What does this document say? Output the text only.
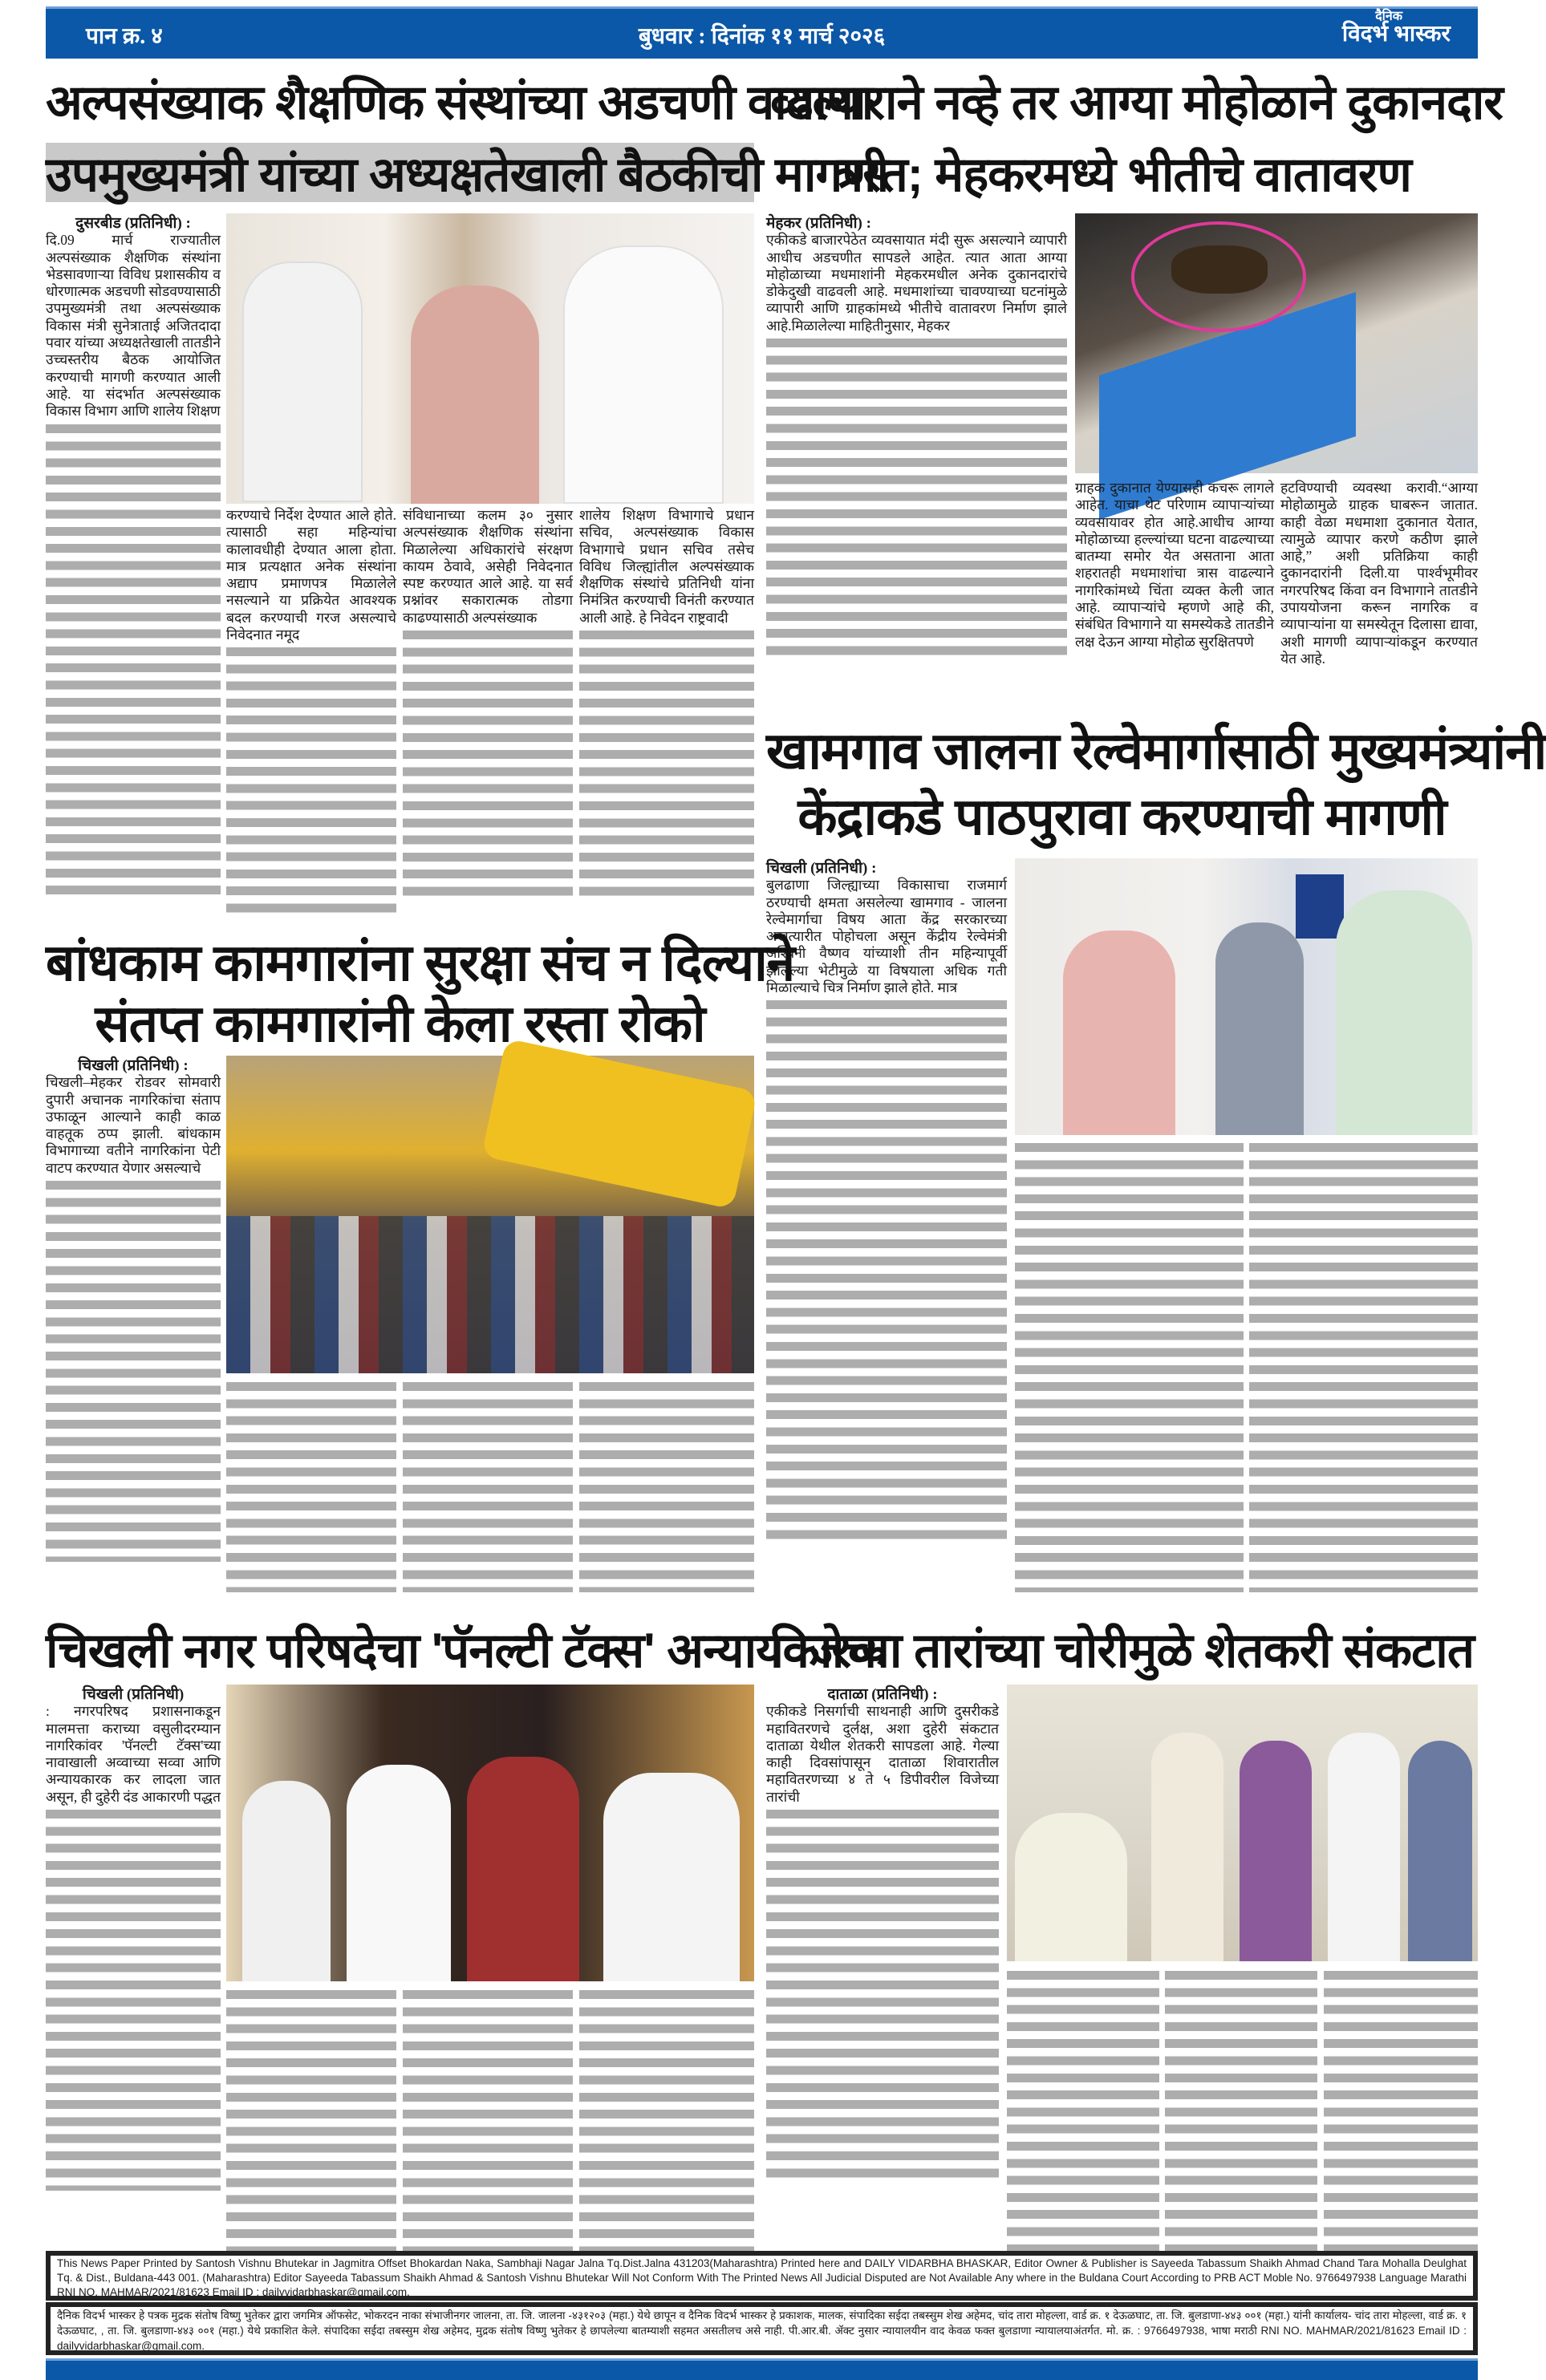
पान क्र. ४	बुधवार : दिनांक ११ मार्च २०२६
दैनिक
विदर्भ भास्कर
अल्पसंख्याक शैक्षणिक संस्थांच्या अडचणी वाढल्या
उपमुख्यमंत्री यांच्या अध्यक्षतेखाली बैठकीची मागणी
दुसरबीड (प्रतिनिधी) :
दि.09 मार्च राज्यातील अल्पसंख्याक शैक्षणिक संस्थांना भेडसावणाऱ्या विविध प्रशासकीय व धोरणात्मक अडचणी सोडवण्यासाठी उपमुख्यमंत्री तथा अल्पसंख्याक विकास मंत्री सुनेत्राताई अजितदादा पवार यांच्या अध्यक्षतेखाली तातडीने उच्चस्तरीय बैठक आयोजित करण्याची मागणी करण्यात आली आहे. या संदर्भात अल्पसंख्याक विकास विभाग आणि शालेय शिक्षण
करण्याचे निर्देश देण्यात आले होते. त्यासाठी सहा महिन्यांचा कालावधीही देण्यात आला होता. मात्र प्रत्यक्षात अनेक संस्थांना अद्याप प्रमाणपत्र मिळालेले नसल्याने या प्रक्रियेत आवश्यक बदल करण्याची गरज असल्याचे निवेदनात नमूद
संविधानाच्या कलम ३० नुसार अल्पसंख्याक शैक्षणिक संस्थांना मिळालेल्या अधिकारांचे संरक्षण कायम ठेवावे, असेही निवेदनात स्पष्ट करण्यात आले आहे. या सर्व प्रश्नांवर सकारात्मक तोडगा काढण्यासाठी अल्पसंख्याक
शालेय शिक्षण विभागाचे प्रधान सचिव, अल्पसंख्याक विकास विभागाचे प्रधान सचिव तसेच विविध जिल्ह्यांतील अल्पसंख्याक शैक्षणिक संस्थांचे प्रतिनिधी यांना निमंत्रित करण्याची विनंती करण्यात आली आहे. हे निवेदन राष्ट्रवादी
व्यापाराने नव्हे तर आग्या मोहोळाने दुकानदार
त्रस्त; मेहकरमध्ये भीतीचे वातावरण
मेहकर (प्रतिनिधी) :
एकीकडे बाजारपेठेत व्यवसायात मंदी सुरू असल्याने व्यापारी आधीच अडचणीत सापडले आहेत. त्यात आता आग्या मोहोळाच्या मधमाशांनी मेहकरमधील अनेक दुकानदारांचे डोकेदुखी वाढवली आहे. मधमाशांच्या चावण्याच्या घटनांमुळे व्यापारी आणि ग्राहकांमध्ये भीतीचे वातावरण निर्माण झाले आहे.मिळालेल्या माहितीनुसार, मेहकर
ग्राहक दुकानात येण्यासही कचरू लागले आहेत. याचा थेट परिणाम व्यापाऱ्यांच्या व्यवसायावर होत आहे.आधीच आग्या मोहोळाच्या हल्ल्यांच्या घटना वाढल्याच्या बातम्या समोर येत असताना आता शहरातही मधमाशांचा त्रास वाढल्याने नागरिकांमध्ये चिंता व्यक्त केली जात आहे. व्यापाऱ्यांचे म्हणणे आहे की, संबंधित विभागाने या समस्येकडे तातडीने लक्ष देऊन आग्या मोहोळ सुरक्षितपणे
हटविण्याची व्यवस्था करावी.“आग्या मोहोळामुळे ग्राहक घाबरून जातात. काही वेळा मधमाशा दुकानात येतात, त्यामुळे व्यापार करणे कठीण झाले आहे,” अशी प्रतिक्रिया काही दुकानदारांनी दिली.या पार्श्वभूमीवर नगरपरिषद किंवा वन विभागाने तातडीने उपाययोजना करून नागरिक व व्यापाऱ्यांना या समस्येतून दिलासा द्यावा, अशी मागणी व्यापाऱ्यांकडून करण्यात येत आहे.
खामगाव जालना रेल्वेमार्गासाठी मुख्यमंत्र्यांनी
केंद्राकडे पाठपुरावा करण्याची मागणी
चिखली (प्रतिनिधी) :
बुलढाणा जिल्ह्याच्या विकासाचा राजमार्ग ठरण्याची क्षमता असलेल्या खामगाव - जालना रेल्वेमार्गाचा विषय आता केंद्र सरकारच्या अखत्यारीत पोहोचला असून केंद्रीय रेल्वेमंत्री अश्विनी वैष्णव यांच्याशी तीन महिन्यापूर्वी झालेल्या भेटीमुळे या विषयाला अधिक गती मिळाल्याचे चित्र निर्माण झाले होते. मात्र
बांधकाम कामगारांना सुरक्षा संच न दिल्याने
संतप्त कामगारांनी केला रस्ता रोको
चिखली (प्रतिनिधी) :
चिखली–मेहकर रोडवर सोमवारी दुपारी अचानक नागरिकांचा संताप उफाळून आल्याने काही काळ वाहतूक ठप्प झाली. बांधकाम विभागाच्या वतीने नागरिकांना पेटी वाटप करण्यात येणार असल्याचे
चिखली नगर परिषदेचा 'पॅनल्टी टॅक्स' अन्यायकारक
चिखली (प्रतिनिधी)
: नगरपरिषद प्रशासनाकडून मालमत्ता कराच्या वसुलीदरम्यान नागरिकांवर 'पॅनल्टी टॅक्स'च्या नावाखाली अव्वाच्या सव्वा आणि अन्यायकारक कर लादला जात असून, ही दुहेरी दंड आकारणी पद्धत
विजेच्या तारांच्या चोरीमुळे शेतकरी संकटात
दाताळा (प्रतिनिधी) :
एकीकडे निसर्गाची साथनाही आणि दुसरीकडे महावितरणचे दुर्लक्ष, अशा दुहेरी संकटात दाताळा येथील शेतकरी सापडला आहे. गेल्या काही दिवसांपासून दाताळा शिवारातील महावितरणच्या ४ ते ५ डिपीवरील विजेच्या तारांची
This News Paper Printed by Santosh Vishnu Bhutekar in Jagmitra Offset Bhokardan Naka, Sambhaji Nagar Jalna Tq.Dist.Jalna 431203(Maharashtra) Printed here and DAILY VIDARBHA BHASKAR, Editor Owner & Publisher is Sayeeda Tabassum Shaikh Ahmad Chand Tara Mohalla Deulghat Tq. & Dist., Buldana-443 001. (Maharashtra) Editor Sayeeda Tabassum Shaikh Ahmad & Santosh Vishnu Bhutekar Will Not Conform With The Printed News All Judicial Disputed are Not Available Any where in the Buldana Court According to PRB ACT Moble No. 9766497938 Language Marathi RNI NO. MAHMAR/2021/81623 Email ID : dailyvidarbhaskar@gmail.com.
दैनिक विदर्भ भास्कर हे पत्रक मुद्रक संतोष विष्णु भुतेकर द्वारा जगमित्र ऑफसेट, भोकरदन नाका संभाजीनगर जालना, ता. जि. जालना -४३१२०३ (महा.) येथे छापून व दैनिक विदर्भ भास्कर हे प्रकाशक, मालक, संपादिका सईदा तबस्सुम शेख अहेमद, चांद तारा मोहल्ला, वार्ड क्र. १ देऊळघाट, ता. जि. बुलडाणा-४४३ ००१ (महा.) यांनी कार्यालय- चांद तारा मोहल्ला, वार्ड क्र. १ देऊळघाट, , ता. जि. बुलडाणा-४४३ ००१ (महा.) येथे प्रकाशित केले. संपादिका सईदा तबस्सुम शेख अहेमद, मुद्रक संतोष विष्णु भुतेकर हे छापलेल्या बातम्याशी सहमत असतीलच असे नाही. पी.आर.बी. ॲक्ट नुसार न्यायालयीन वाद केवळ फक्त बुलडाणा न्यायालयाअंतर्गत. मो. क्र. : 9766497938, भाषा मराठी RNI NO. MAHMAR/2021/81623 Email ID : dailyvidarbhaskar@gmail.com.
